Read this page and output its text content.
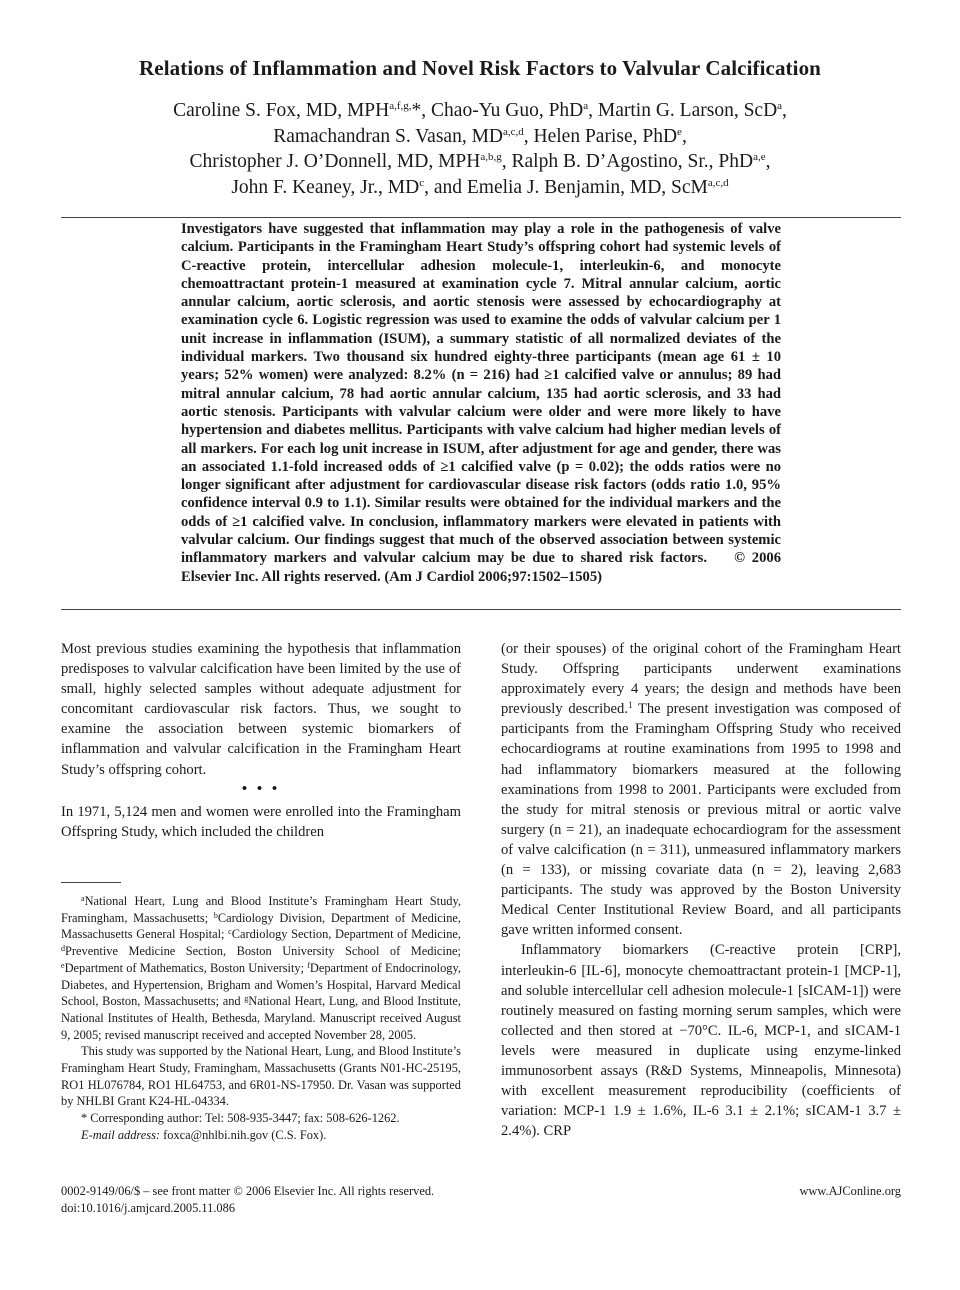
Relations of Inflammation and Novel Risk Factors to Valvular Calcification
Caroline S. Fox, MD, $MPH^{a,f,g,}*$, Chao-Yu Guo, PhD$^a$, Martin G. Larson, ScD$^a$,
Ramachandran S. Vasan, MD$^{a,c,d}$, Helen Parise, PhD$^e$,
Christopher J. O’Donnell, MD, MPH$^{a,b,g}$, Ralph B. D’Agostino, Sr., PhD$^{a,e}$,
John F. Keaney, Jr., $MD^c$, and Emelia J. Benjamin, MD, ScM$^{a,c,d}$
Investigators have suggested that inflammation may play a role in the pathogenesis of valve calcium. Participants in the Framingham Heart Study’s offspring cohort had systemic levels of C-reactive protein, intercellular adhesion molecule-1, interleukin-6, and monocyte chemoattractant protein-1 measured at examination cycle 7. Mitral annular calcium, aortic annular calcium, aortic sclerosis, and aortic stenosis were assessed by echocardiography at examination cycle 6. Logistic regression was used to examine the odds of valvular calcium per 1 unit increase in inflammation (ISUM), a summary statistic of all normalized deviates of the individual markers. Two thousand six hundred eighty-three participants (mean age 61 ± 10 years; 52% women) were analyzed: 8.2% (n = 216) had ≥1 calcified valve or annulus; 89 had mitral annular calcium, 78 had aortic annular calcium, 135 had aortic sclerosis, and 33 had aortic stenosis. Participants with valvular calcium were older and were more likely to have hypertension and diabetes mellitus. Participants with valve calcium had higher median levels of all markers. For each log unit increase in ISUM, after adjustment for age and gender, there was an associated 1.1-fold increased odds of ≥1 calcified valve (p = 0.02); the odds ratios were no longer significant after adjustment for cardiovascular disease risk factors (odds ratio 1.0, 95% confidence interval 0.9 to 1.1). Similar results were obtained for the individual markers and the odds of ≥1 calcified valve. In conclusion, inflammatory markers were elevated in patients with valvular calcium. Our findings suggest that much of the observed association between systemic inflammatory markers and valvular calcium may be due to shared risk factors. © 2006 Elsevier Inc. All rights reserved. (Am J Cardiol 2006;97:1502–1505)

Most previous studies examining the hypothesis that inflammation predisposes to valvular calcification have been limited by the use of small, highly selected samples without adequate adjustment for concomitant cardiovascular risk factors. Thus, we sought to examine the association between systemic biomarkers of inflammation and valvular calcification in the Framingham Heart Study’s offspring cohort.

• • •

In 1971, 5,124 men and women were enrolled into the Framingham Offspring Study, which included the children

$^a$National Heart, Lung and Blood Institute’s Framingham Heart Study, Framingham, Massachusetts; $^b$Cardiology Division, Department of Medicine, Massachusetts General Hospital; $^c$Cardiology Section, Department of Medicine, $^d$Preventive Medicine Section, Boston University School of Medicine; $^e$Department of Mathematics, Boston University; $^f$Department of Endocrinology, Diabetes, and Hypertension, Brigham and Women’s Hospital, Harvard Medical School, Boston, Massachusetts; and $^g$National Heart, Lung, and Blood Institute, National Institutes of Health, Bethesda, Maryland. Manuscript received August 9, 2005; revised manuscript received and accepted November 28, 2005.

This study was supported by the National Heart, Lung, and Blood Institute’s Framingham Heart Study, Framingham, Massachusetts (Grants N01-HC-25195, RO1 HL076784, RO1 HL64753, and 6R01-NS-17950. Dr. Vasan was supported by NHLBI Grant K24-HL-04334.

* Corresponding author: Tel: 508-935-3447; fax: 508-626-1262.

E-mail address: foxca@nhlbi.nih.gov (C.S. Fox).

(or their spouses) of the original cohort of the Framingham Heart Study. Offspring participants underwent examinations approximately every 4 years; the design and methods have been previously described.$^1$ The present investigation was composed of participants from the Framingham Offspring Study who received echocardiograms at routine examinations from 1995 to 1998 and had inflammatory biomarkers measured at the following examinations from 1998 to 2001. Participants were excluded from the study for mitral stenosis or previous mitral or aortic valve surgery (n = 21), an inadequate echocardiogram for the assessment of valve calcification (n = 311), unmeasured inflammatory markers (n = 133), or missing covariate data (n = 2), leaving 2,683 participants. The study was approved by the Boston University Medical Center Institutional Review Board, and all participants gave written informed consent.

Inflammatory biomarkers (C-reactive protein [CRP], interleukin-6 [IL-6], monocyte chemoattractant protein-1 [MCP-1], and soluble intercellular cell adhesion molecule-1 [sICAM-1]) were routinely measured on fasting morning serum samples, which were collected and then stored at −70°C. IL-6, MCP-1, and sICAM-1 levels were measured in duplicate using enzyme-linked immunosorbent assays (R&D Systems, Minneapolis, Minnesota) with excellent measurement reproducibility (coefficients of variation: MCP-1 1.9 ± 1.6%, IL-6 3.1 ± 2.1%; sICAM-1 3.7 ± 2.4%). CRP

0002-9149/06/$ – see front matter © 2006 Elsevier Inc. All rights reserved.
doi:10.1016/j.amjcard.2005.11.086
www.AJConline.org
